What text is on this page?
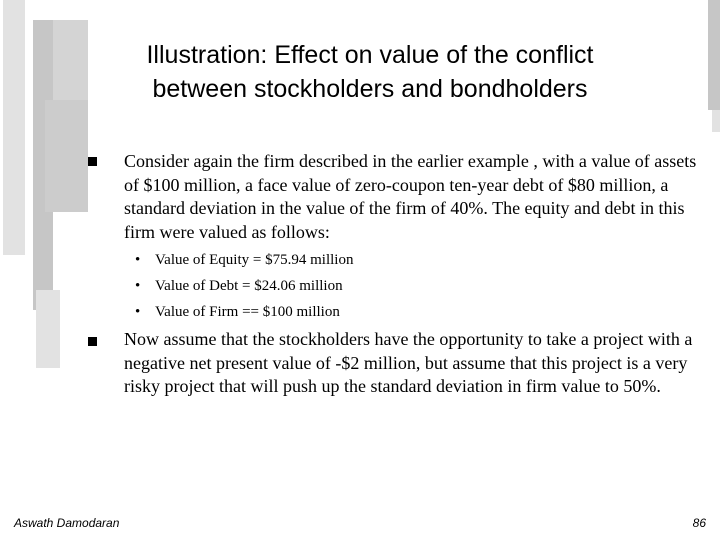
Illustration: Effect on value of the conflict
between stockholders and bondholders
Consider again the firm described in the earlier example , with a value of assets of $100 million, a face value of zero-coupon ten-year debt of $80 million, a standard deviation in the value of the firm of 40%. The equity and debt in this firm were valued as follows:
• Value of Equity = $75.94 million
• Value of Debt = $24.06 million
• Value of Firm == $100 million
Now assume that the stockholders have the opportunity to take a project with a negative net present value of -$2 million, but assume that this project is a very risky project that will push up the standard deviation in firm value to 50%.
Aswath Damodaran	86
